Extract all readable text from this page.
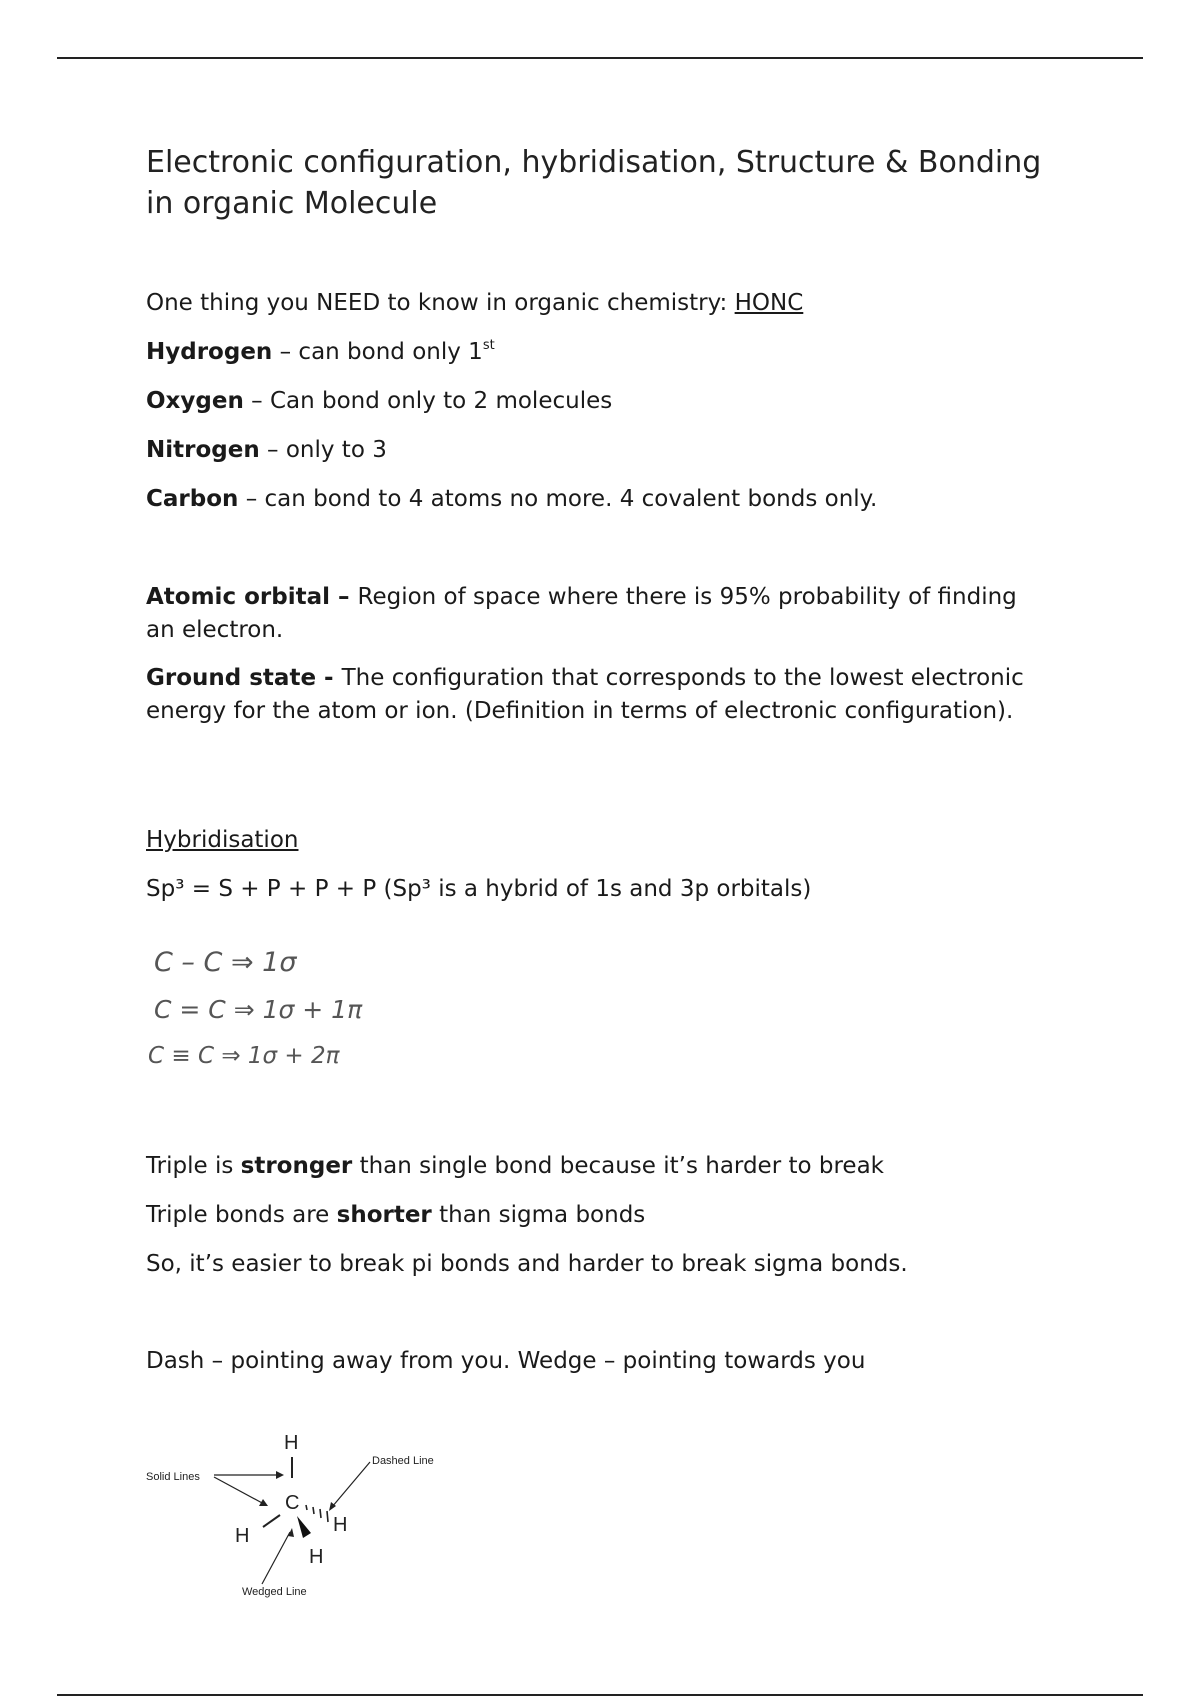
Electronic configuration, hybridisation, Structure & Bonding in organic Molecule

One thing you NEED to know in organic chemistry: HONC

Hydrogen – can bond only 1st

Oxygen – Can bond only to 2 molecules

Nitrogen – only to 3

Carbon – can bond to 4 atoms no more. 4 covalent bonds only.

Atomic orbital – Region of space where there is 95% probability of finding an electron.

Ground state - The configuration that corresponds to the lowest electronic energy for the atom or ion. (Definition in terms of electronic configuration).

Hybridisation

Sp³ = S + P + P + P (Sp³ is a hybrid of 1s and 3p orbitals)

C – C ⇒ 1σ
C = C ⇒ 1σ + 1π
C ≡ C ⇒ 1σ + 2π

Triple is stronger than single bond because it’s harder to break

Triple bonds are shorter than sigma bonds

So, it’s easier to break pi bonds and harder to break sigma bonds.

Dash – pointing away from you. Wedge – pointing towards you

Solid Lines
Dashed Line
Wedged Line
H
C
H	H
H
